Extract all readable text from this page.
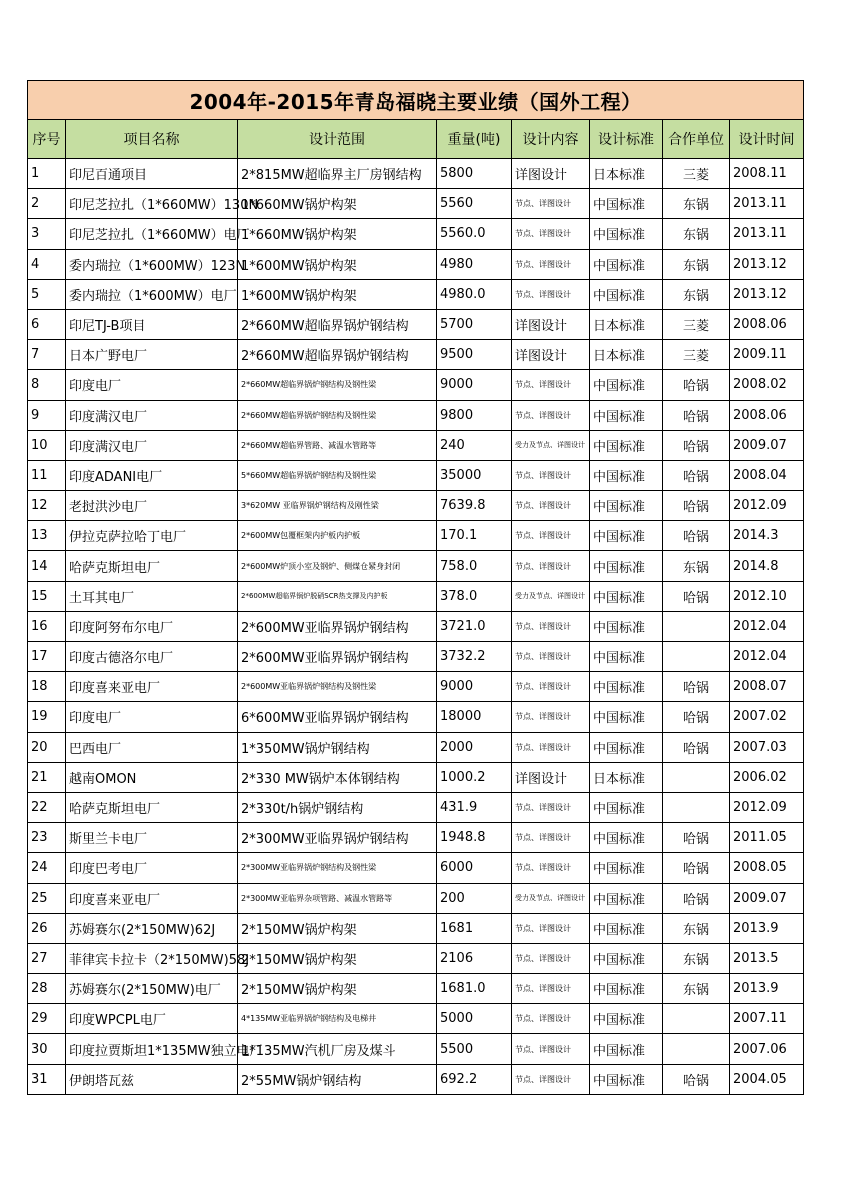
2004年-2015年青岛福晓主要业绩（国外工程）							
序号	项目名称	设计范围	重量(吨)	设计内容	设计标准	合作单位	设计时间
1	印尼百通项目	2*815MW超临界主厂房钢结构	5800	详图设计	日本标准	三菱	2008.11
2	印尼芝拉扎（1*660MW）130N	1*660MW锅炉构架	5560	节点、详图设计	中国标准	东锅	2013.11
3	印尼芝拉扎（1*660MW）电厂	1*660MW锅炉构架	5560.0	节点、详图设计	中国标准	东锅	2013.11
4	委内瑞拉（1*600MW）123N	1*600MW锅炉构架	4980	节点、详图设计	中国标准	东锅	2013.12
5	委内瑞拉（1*600MW）电厂	1*600MW锅炉构架	4980.0	节点、详图设计	中国标准	东锅	2013.12
6	印尼TJ-B项目	2*660MW超临界锅炉钢结构	5700	详图设计	日本标准	三菱	2008.06
7	日本广野电厂	2*660MW超临界锅炉钢结构	9500	详图设计	日本标准	三菱	2009.11
8	印度电厂	2*660MW超临界锅炉钢结构及钢性梁	9000	节点、详图设计	中国标准	哈锅	2008.02
9	印度满汉电厂	2*660MW超临界锅炉钢结构及钢性梁	9800	节点、详图设计	中国标准	哈锅	2008.06
10	印度满汉电厂	2*660MW超临界管路、减温水管路等	240	受力及节点、详图设计	中国标准	哈锅	2009.07
11	印度ADANI电厂	5*660MW超临界锅炉钢结构及钢性梁	35000	节点、详图设计	中国标准	哈锅	2008.04
12	老挝洪沙电厂	3*620MW 亚临界锅炉钢结构及刚性梁	7639.8	节点、详图设计	中国标准	哈锅	2012.09
13	伊拉克萨拉哈丁电厂	2*600MW包覆框架内护板内护板	170.1	节点、详图设计	中国标准	哈锅	2014.3
14	哈萨克斯坦电厂	2*600MW炉顶小室及钢炉、侧煤仓紧身封闭	758.0	节点、详图设计	中国标准	东锅	2014.8
15	土耳其电厂	2*600MW超临界锅炉脱硝SCR热支撑及内护板	378.0	受力及节点、详图设计	中国标准	哈锅	2012.10
16	印度阿努布尔电厂	2*600MW亚临界锅炉钢结构	3721.0	节点、详图设计	中国标准		2012.04
17	印度古德洛尔电厂	2*600MW亚临界锅炉钢结构	3732.2	节点、详图设计	中国标准		2012.04
18	印度喜来亚电厂	2*600MW亚临界锅炉钢结构及钢性梁	9000	节点、详图设计	中国标准	哈锅	2008.07
19	印度电厂	6*600MW亚临界锅炉钢结构	18000	节点、详图设计	中国标准	哈锅	2007.02
20	巴西电厂	1*350MW锅炉钢结构	2000	节点、详图设计	中国标准	哈锅	2007.03
21	越南OMON	2*330 MW锅炉本体钢结构	1000.2	详图设计	日本标准		2006.02
22	哈萨克斯坦电厂	2*330t/h锅炉钢结构	431.9	节点、详图设计	中国标准		2012.09
23	斯里兰卡电厂	2*300MW亚临界锅炉钢结构	1948.8	节点、详图设计	中国标准	哈锅	2011.05
24	印度巴考电厂	2*300MW亚临界锅炉钢结构及钢性梁	6000	节点、详图设计	中国标准	哈锅	2008.05
25	印度喜来亚电厂	2*300MW亚临界杂项管路、减温水管路等	200	受力及节点、详图设计	中国标准	哈锅	2009.07
26	苏姆赛尔(2*150MW)62J	2*150MW锅炉构架	1681	节点、详图设计	中国标准	东锅	2013.9
27	菲律宾卡拉卡（2*150MW)58J	2*150MW锅炉构架	2106	节点、详图设计	中国标准	东锅	2013.5
28	苏姆赛尔(2*150MW)电厂	2*150MW锅炉构架	1681.0	节点、详图设计	中国标准	东锅	2013.9
29	印度WPCPL电厂	4*135MW亚临界锅炉钢结构及电梯井	5000	节点、详图设计	中国标准		2007.11
30	印度拉贾斯坦1*135MW独立电厂	1*135MW汽机厂房及煤斗	5500	节点、详图设计	中国标准		2007.06
31	伊朗塔瓦兹	2*55MW锅炉钢结构	692.2	节点、详图设计	中国标准	哈锅	2004.05
